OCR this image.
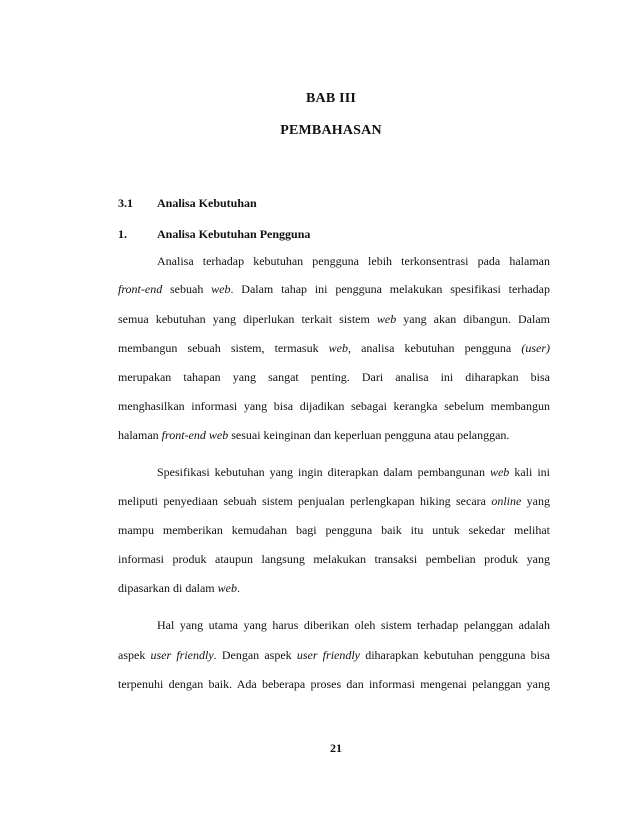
BAB III
PEMBAHASAN
3.1 Analisa Kebutuhan
1.	Analisa Kebutuhan Pengguna
Analisa terhadap kebutuhan pengguna lebih terkonsentrasi pada halaman
front-end sebuah web. Dalam tahap ini pengguna melakukan spesifikasi terhadap
semua kebutuhan yang diperlukan terkait sistem web yang akan dibangun. Dalam
membangun sebuah sistem, termasuk web, analisa kebutuhan pengguna (user)
merupakan tahapan yang sangat penting. Dari analisa ini diharapkan bisa
menghasilkan informasi yang bisa dijadikan sebagai kerangka sebelum membangun
halaman front-end web sesuai keinginan dan keperluan pengguna atau pelanggan.
Spesifikasi kebutuhan yang ingin diterapkan dalam pembangunan web kali ini
meliputi penyediaan sebuah sistem penjualan perlengkapan hiking secara online yang
mampu memberikan kemudahan bagi pengguna baik itu untuk sekedar melihat
informasi produk ataupun langsung melakukan transaksi pembelian produk yang
dipasarkan di dalam web.
Hal yang utama yang harus diberikan oleh sistem terhadap pelanggan adalah
aspek user friendly. Dengan aspek user friendly diharapkan kebutuhan pengguna bisa
terpenuhi dengan baik. Ada beberapa proses dan informasi mengenai pelanggan yang
21
